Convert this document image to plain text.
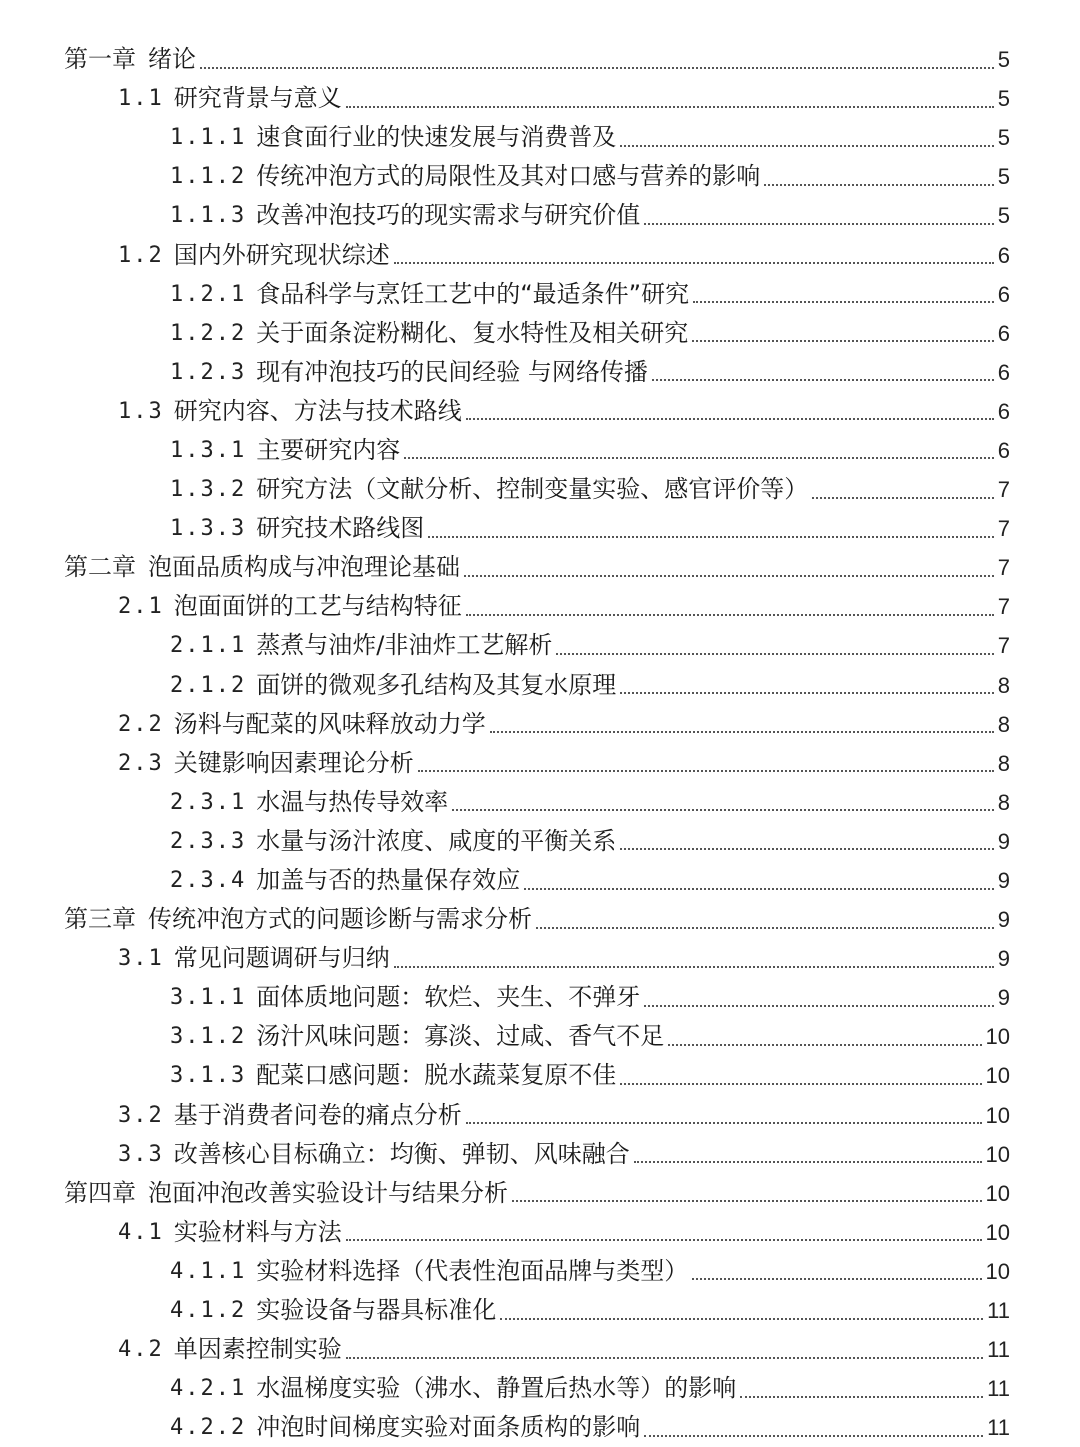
第一章 绪论	5
1.1 研究背景与意义	5
1.1.1 速食面行业的快速发展与消费普及	5
1.1.2 传统冲泡方式的局限性及其对口感与营养的影响	5
1.1.3 改善冲泡技巧的现实需求与研究价值	5
1.2 国内外研究现状综述	6
1.2.1 食品科学与烹饪工艺中的“最适条件”研究	6
1.2.2 关于面条淀粉糊化、复水特性及相关研究	6
1.2.3 现有冲泡技巧的民间经验 与网络传播	6
1.3 研究内容、方法与技术路线	6
1.3.1 主要研究内容	6
1.3.2 研究方法（文献分析、控制变量实验、感官评价等）	7
1.3.3 研究技术路线图	7
第二章 泡面品质构成与冲泡理论基础	7
2.1 泡面面饼的工艺与结构特征	7
2.1.1 蒸煮与油炸/非油炸工艺解析	7
2.1.2 面饼的微观多孔结构及其复水原理	8
2.2 汤料与配菜的风味释放动力学	8
2.3 关键影响因素理论分析	8
2.3.1 水温与热传导效率	8
2.3.3 水量与汤汁浓度、咸度的平衡关系	9
2.3.4 加盖与否的热量保存效应	9
第三章 传统冲泡方式的问题诊断与需求分析	9
3.1 常见问题调研与归纳	9
3.1.1 面体质地问题：软烂、夹生、不弹牙	9
3.1.2 汤汁风味问题：寡淡、过咸、香气不足	10
3.1.3 配菜口感问题：脱水蔬菜复原不佳	10
3.2 基于消费者问卷的痛点分析	10
3.3 改善核心目标确立：均衡、弹韧、风味融合	10
第四章 泡面冲泡改善实验设计与结果分析	10
4.1 实验材料与方法	10
4.1.1 实验材料选择（代表性泡面品牌与类型）	10
4.1.2 实验设备与器具标准化	11
4.2 单因素控制实验	11
4.2.1 水温梯度实验（沸水、静置后热水等）的影响	11
4.2.2 冲泡时间梯度实验对面条质构的影响	11
